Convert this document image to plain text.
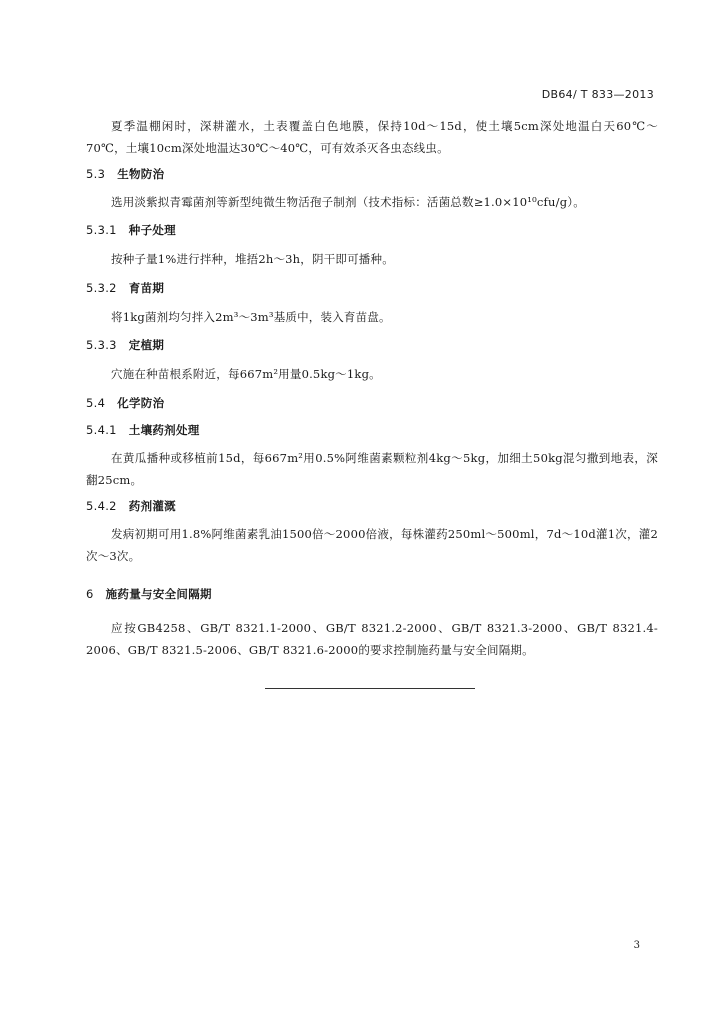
DB64/ T 833—2013
夏季温棚闲时，深耕灌水，土表覆盖白色地膜，保持10d～15d，使土壤5cm深处地温白天60℃～70℃，土壤10cm深处地温达30℃～40℃，可有效杀灭各虫态线虫。
5.3 生物防治
选用淡紫拟青霉菌剂等新型纯微生物活孢子制剂（技术指标：活菌总数≥1.0×10¹⁰cfu/g）。
5.3.1 种子处理
按种子量1%进行拌种，堆捂2h～3h，阴干即可播种。
5.3.2 育苗期
将1kg菌剂均匀拌入2m³～3m³基质中，装入育苗盘。
5.3.3 定植期
穴施在种苗根系附近，每667m²用量0.5kg～1kg。
5.4 化学防治
5.4.1 土壤药剂处理
在黄瓜播种或移植前15d，每667m²用0.5%阿维菌素颗粒剂4kg～5kg，加细土50kg混匀撒到地表，深翻25cm。
5.4.2 药剂灌溉
发病初期可用1.8%阿维菌素乳油1500倍～2000倍液，每株灌药250ml～500ml，7d～10d灌1次，灌2次～3次。
6 施药量与安全间隔期
应按GB4258、GB/T 8321.1-2000、GB/T 8321.2-2000、GB/T 8321.3-2000、GB/T 8321.4-2006、GB/T 8321.5-2006、GB/T 8321.6-2000的要求控制施药量与安全间隔期。
3
